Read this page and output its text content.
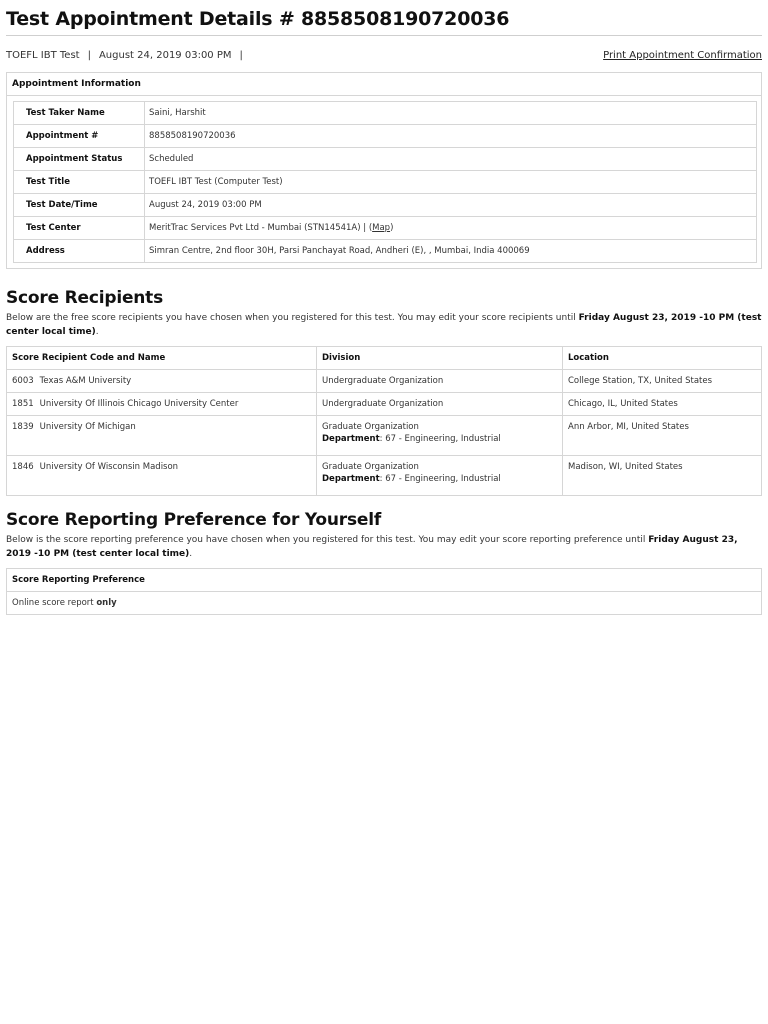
Test Appointment Details # 8858508190720036
TOEFL IBT Test | August 24, 2019 03:00 PM |	Print Appointment Confirmation
Appointment Information
Test Taker Name	Saini, Harshit
Appointment #	8858508190720036
Appointment Status	Scheduled
Test Title	TOEFL IBT Test (Computer Test)
Test Date/Time	August 24, 2019 03:00 PM
Test Center	MeritTrac Services Pvt Ltd - Mumbai (STN14541A) | (Map)
Address	Simran Centre, 2nd floor 30H, Parsi Panchayat Road, Andheri (E), , Mumbai, India 400069
Score Recipients

Below are the free score recipients you have chosen when you registered for this test. You may edit your score recipients until Friday August 23, 2019 -10 PM (test center local time).

Score Recipient Code and Name	Division	Location
6003 Texas A&M University	Undergraduate Organization	College Station, TX, United States
1851 University Of Illinois Chicago University Center	Undergraduate Organization	Chicago, IL, United States
1839 University Of Michigan	Graduate Organization
Department: 67 - Engineering, Industrial	Ann Arbor, MI, United States
1846 University Of Wisconsin Madison	Graduate Organization
Department: 67 - Engineering, Industrial	Madison, WI, United States
Score Reporting Preference for Yourself

Below is the score reporting preference you have chosen when you registered for this test. You may edit your score reporting preference until Friday August 23, 2019 -10 PM (test center local time).

Score Reporting Preference
Online score report only
